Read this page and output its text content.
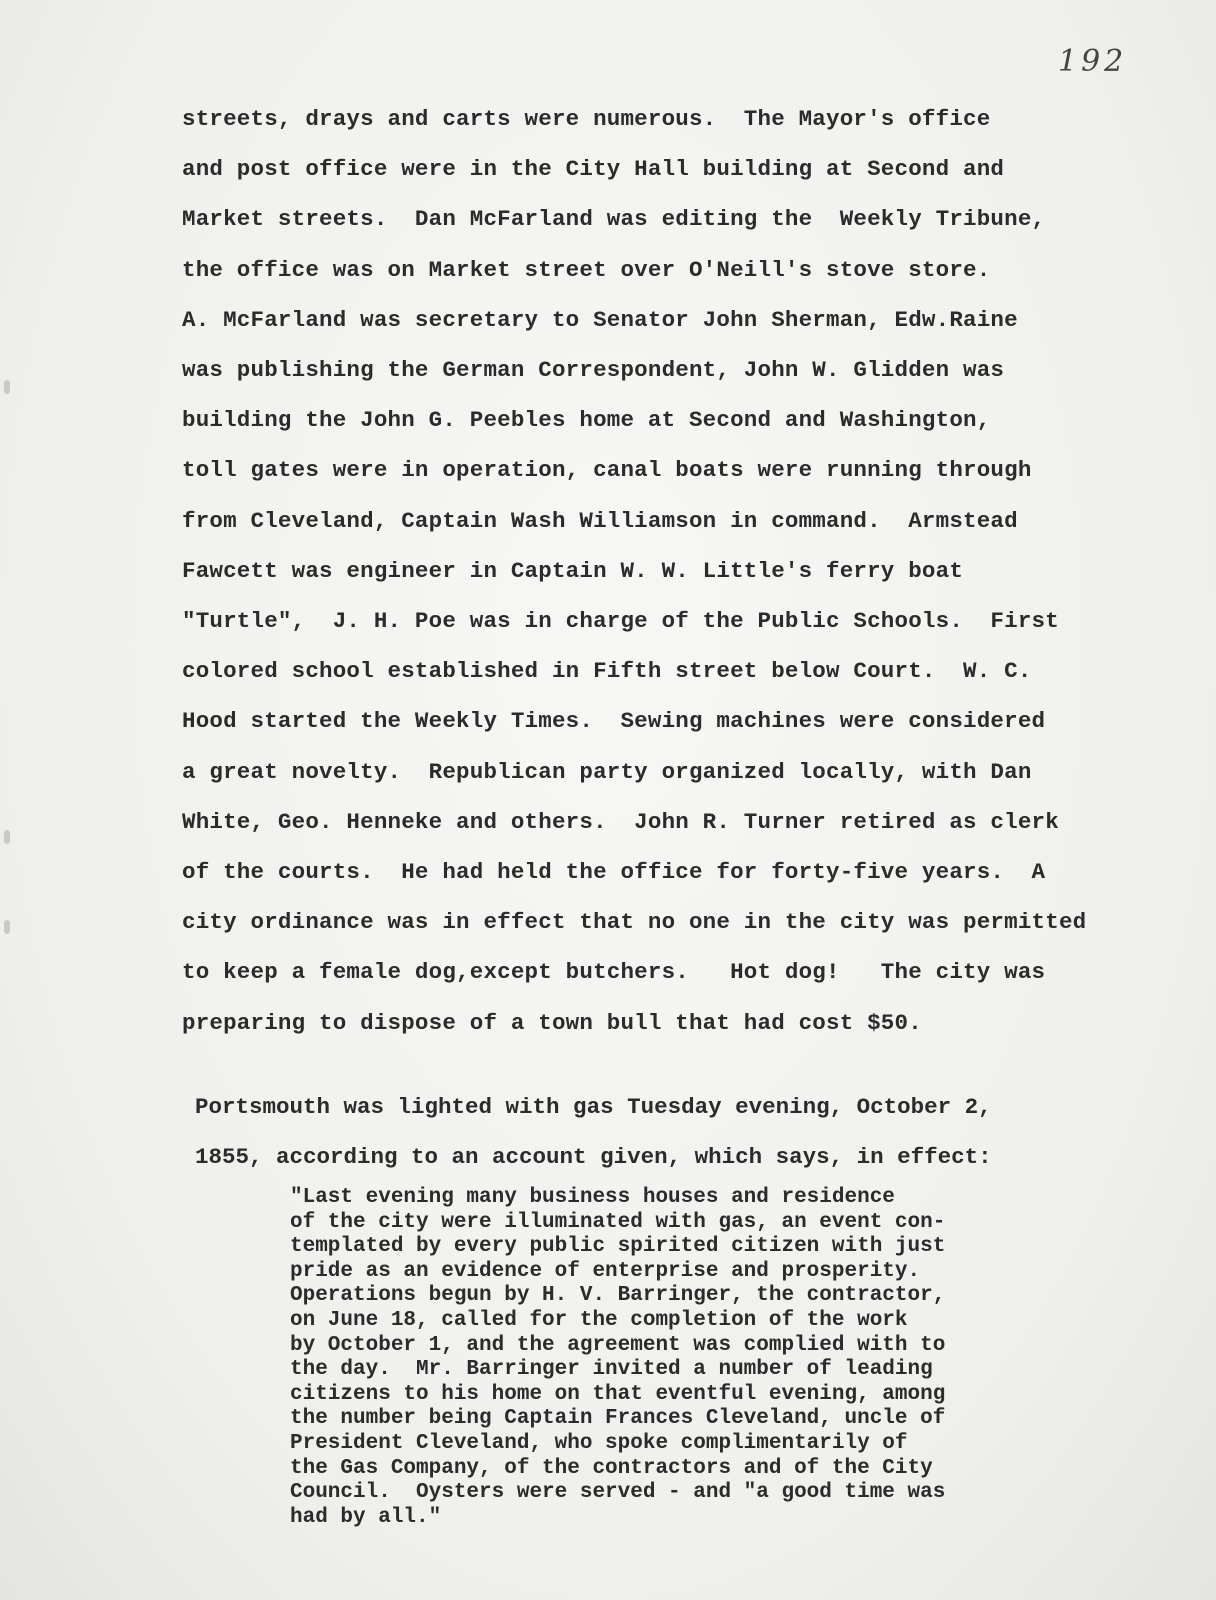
192
streets, drays and carts were numerous.  The Mayor's office
and post office were in the City Hall building at Second and
Market streets.  Dan McFarland was editing the  Weekly Tribune,
the office was on Market street over O'Neill's stove store.
A. McFarland was secretary to Senator John Sherman, Edw.Raine
was publishing the German Correspondent, John W. Glidden was
building the John G. Peebles home at Second and Washington,
toll gates were in operation, canal boats were running through
from Cleveland, Captain Wash Williamson in command.  Armstead
Fawcett was engineer in Captain W. W. Little's ferry boat
"Turtle",  J. H. Poe was in charge of the Public Schools.  First
colored school established in Fifth street below Court.  W. C.
Hood started the Weekly Times.  Sewing machines were considered
a great novelty.  Republican party organized locally, with Dan
White, Geo. Henneke and others.  John R. Turner retired as clerk
of the courts.  He had held the office for forty-five years.  A
city ordinance was in effect that no one in the city was permitted
to keep a female dog,except butchers.   Hot dog!   The city was
preparing to dispose of a town bull that had cost $50.
Portsmouth was lighted with gas Tuesday evening, October 2,
1855, according to an account given, which says, in effect:
"Last evening many business houses and residence
of the city were illuminated with gas, an event con-
templated by every public spirited citizen with just
pride as an evidence of enterprise and prosperity.
Operations begun by H. V. Barringer, the contractor,
on June 18, called for the completion of the work
by October 1, and the agreement was complied with to
the day.  Mr. Barringer invited a number of leading
citizens to his home on that eventful evening, among
the number being Captain Frances Cleveland, uncle of
President Cleveland, who spoke complimentarily of
the Gas Company, of the contractors and of the City
Council.  Oysters were served - and "a good time was
had by all."
